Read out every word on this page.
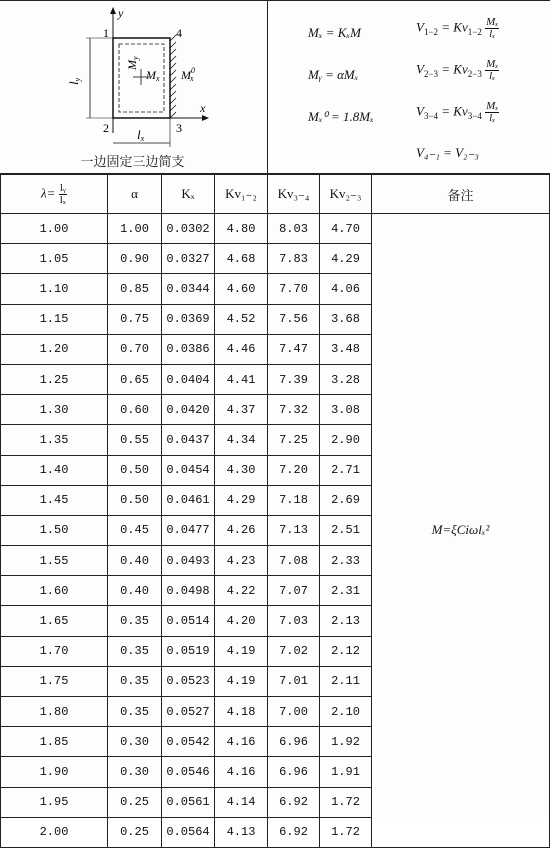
y
x
1
2	3
4
My
Mx $M^0$ x
ly
lx
一边固定三边简支
Mₓ = KₓM
Mᵧ = αMₓ
Mₓ⁰ = 1.8Mₓ
$V_{1-2} = Kv_{1-2} \frac{\text{Mₓ}}{\text{lₓ}}$
$V_{2-3} = Kv_{2-3} \frac{\text{Mₓ}}{\text{lₓ}}$
$V_{3-4} = Kv_{3-4} \frac{\text{Mₓ}}{\text{lₓ}}$
V₄₋₁ = V₂₋₃
$\lambda= \frac{\text{lᵧ}}{\text{lₓ}}$	α	Kₓ	Kv₁₋₂	Kv₃₋₄	Kv₂₋₃	备注
1.00	1.00	0.0302	4.80	8.03	4.70	M=ξCiωlₓ²
1.05	0.90	0.0327	4.68	7.83	4.29	
1.10	0.85	0.0344	4.60	7.70	4.06	
1.15	0.75	0.0369	4.52	7.56	3.68	
1.20	0.70	0.0386	4.46	7.47	3.48	
1.25	0.65	0.0404	4.41	7.39	3.28	
1.30	0.60	0.0420	4.37	7.32	3.08	
1.35	0.55	0.0437	4.34	7.25	2.90	
1.40	0.50	0.0454	4.30	7.20	2.71	
1.45	0.50	0.0461	4.29	7.18	2.69	
1.50	0.45	0.0477	4.26	7.13	2.51	
1.55	0.40	0.0493	4.23	7.08	2.33	
1.60	0.40	0.0498	4.22	7.07	2.31	
1.65	0.35	0.0514	4.20	7.03	2.13	
1.70	0.35	0.0519	4.19	7.02	2.12	
1.75	0.35	0.0523	4.19	7.01	2.11	
1.80	0.35	0.0527	4.18	7.00	2.10	
1.85	0.30	0.0542	4.16	6.96	1.92	
1.90	0.30	0.0546	4.16	6.96	1.91	
1.95	0.25	0.0561	4.14	6.92	1.72	
2.00	0.25	0.0564	4.13	6.92	1.72	
